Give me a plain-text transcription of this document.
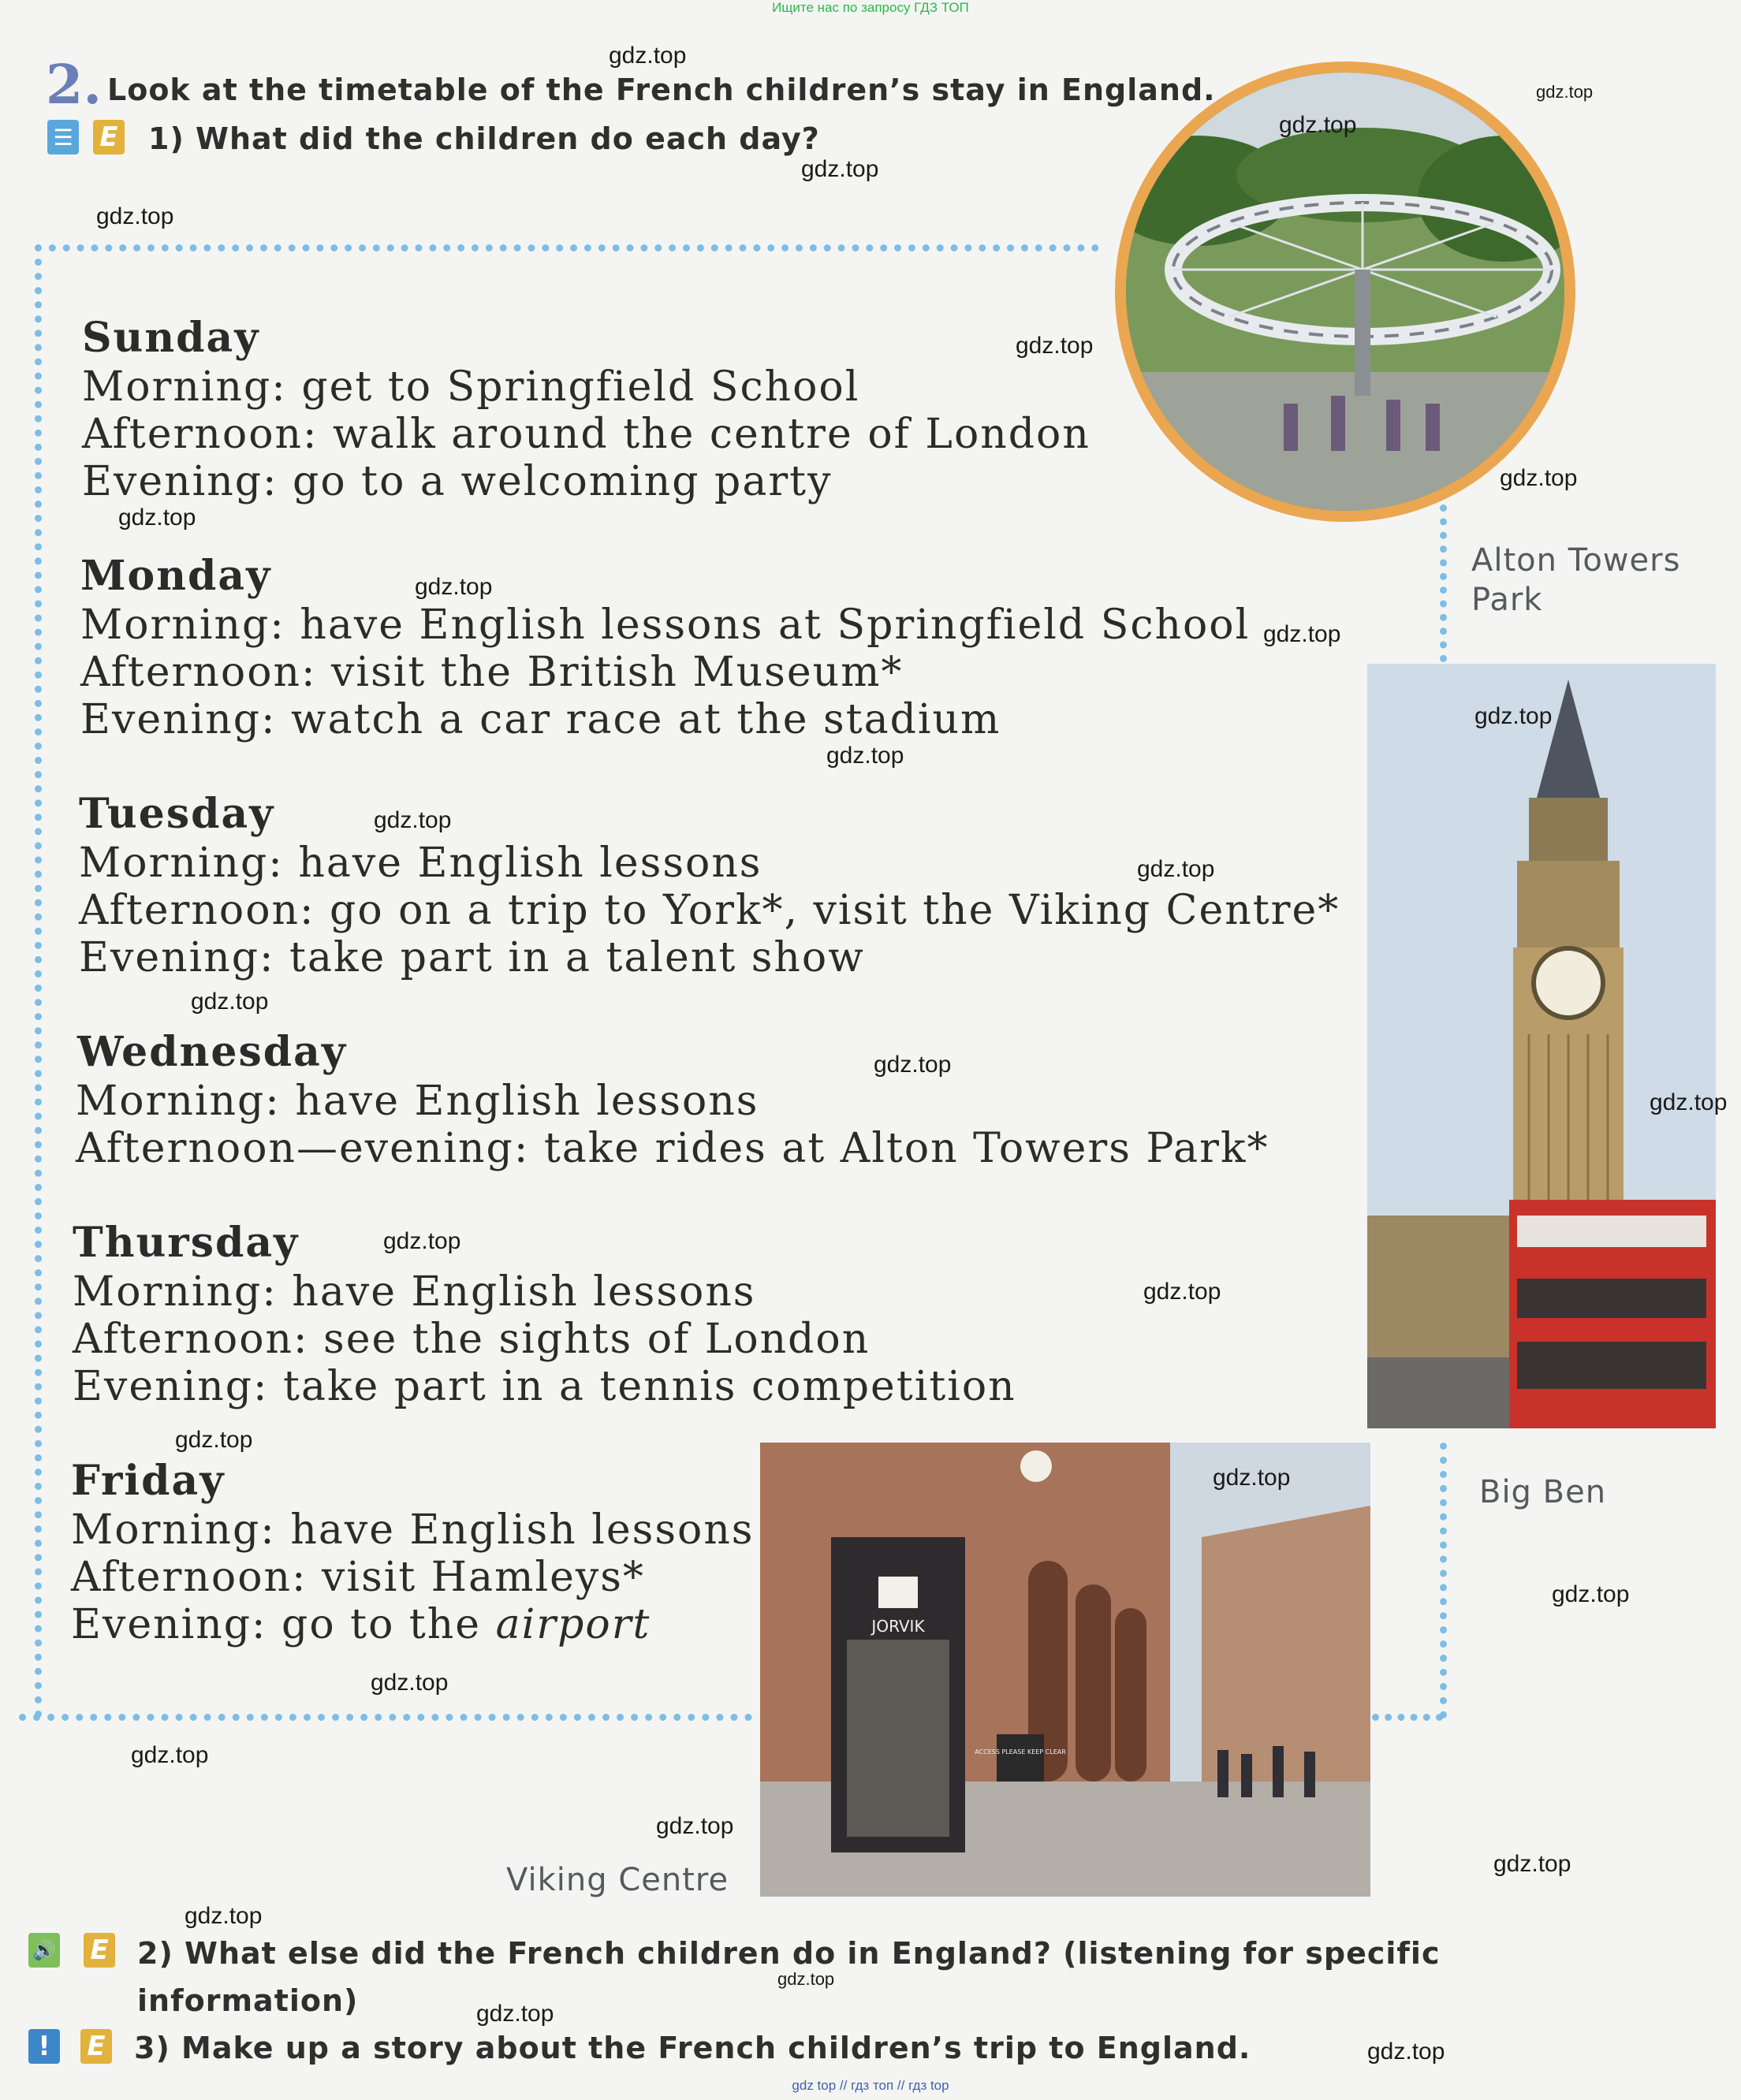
Ищите нас по запросу ГДЗ ТОП
2. Look at the timetable of the French children’s stay in England.
☰ E 1) What did the children do each day?
Sunday
Morning: get to Springfield School
Afternoon: walk around the centre of London
Evening: go to a welcoming party
Monday
Morning: have English lessons at Springfield School
Afternoon: visit the British Museum*
Evening: watch a car race at the stadium
Tuesday
Morning: have English lessons
Afternoon: go on a trip to York*, visit the Viking Centre*
Evening: take part in a talent show
Wednesday
Morning: have English lessons
Afternoon—evening: take rides at Alton Towers Park*
Thursday
Morning: have English lessons
Afternoon: see the sights of London
Evening: take part in a tennis competition
Friday
Morning: have English lessons
Afternoon: visit Hamleys*
Evening: go to the airport
Alton Towers
Park
Big Ben
JORVIK
ACCESS PLEASE KEEP CLEAR
Viking Centre
🔊 E 2) What else did the French children do in England? (listening for specific
information)
!	E 3) Make up a story about the French children’s trip to England.
gdz.top
gdz.top
gdz.top
gdz.top
gdz.top
gdz.top
gdz.top
gdz.top
gdz.top
gdz.top
gdz.top
gdz.top
gdz.top
gdz.top
gdz.top
gdz.top
gdz.top
gdz.top
gdz.top
gdz.top
gdz.top
gdz.top
gdz.top
gdz.top
gdz.top
gdz.top
gdz.top
gdz.top
gdz.top
gdz.top
gdz top // гдз топ // гдз top
